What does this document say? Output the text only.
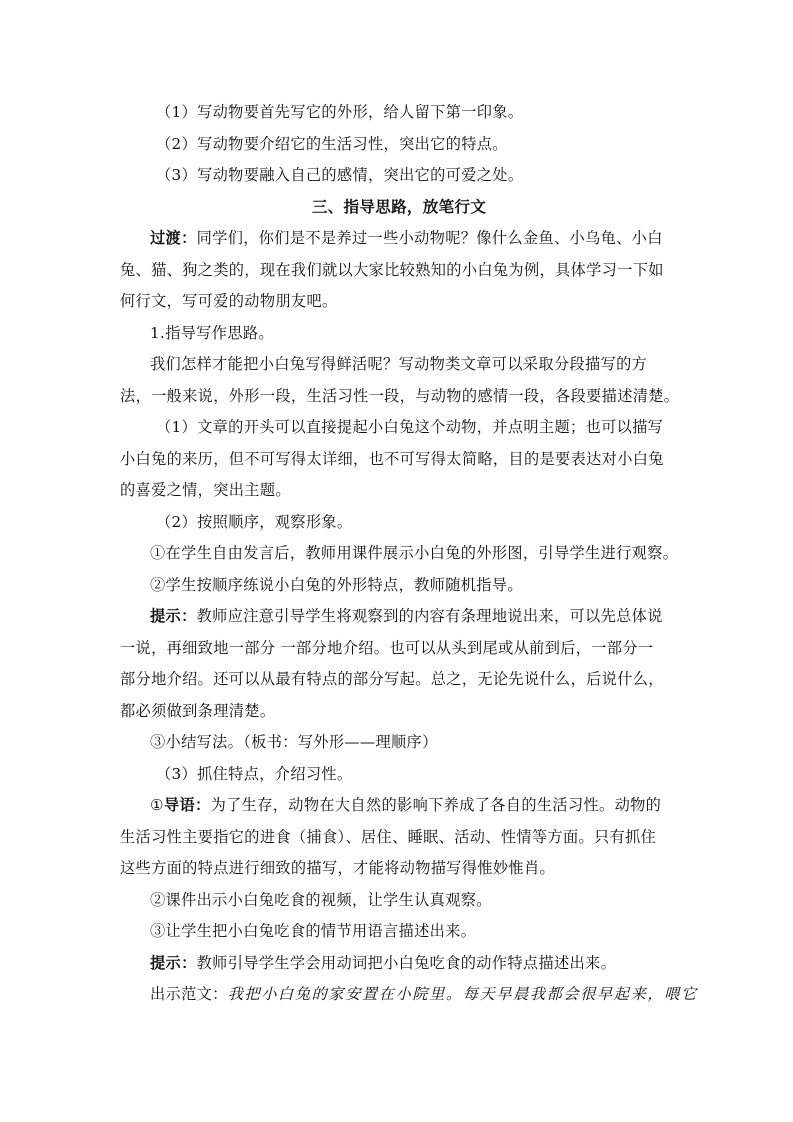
（1）写动物要首先写它的外形，给人留下第一印象。
（2）写动物要介绍它的生活习性，突出它的特点。
（3）写动物要融入自己的感情，突出它的可爱之处。
三、指导思路，放笔行文
过渡：同学们，你们是不是养过一些小动物呢？像什么金鱼、小乌龟、小白
兔、猫、狗之类的，现在我们就以大家比较熟知的小白兔为例，具体学习一下如
何行文，写可爱的动物朋友吧。
1.指导写作思路。
我们怎样才能把小白兔写得鲜活呢？写动物类文章可以采取分段描写的方
法，一般来说，外形一段，生活习性一段，与动物的感情一段，各段要描述清楚。
（1）文章的开头可以直接提起小白兔这个动物，并点明主题；也可以描写
小白兔的来历，但不可写得太详细，也不可写得太简略，目的是要表达对小白兔
的喜爱之情，突出主题。
（2）按照顺序，观察形象。
①在学生自由发言后，教师用课件展示小白兔的外形图，引导学生进行观察。
②学生按顺序练说小白兔的外形特点，教师随机指导。
提示：教师应注意引导学生将观察到的内容有条理地说出来，可以先总体说
一说，再细致地一部分 一部分地介绍。也可以从头到尾或从前到后，一部分一
部分地介绍。还可以从最有特点的部分写起。总之，无论先说什么，后说什么，
都必须做到条理清楚。
③小结写法。（板书：写外形——理顺序）
（3）抓住特点，介绍习性。
①导语：为了生存，动物在大自然的影响下养成了各自的生活习性。动物的
生活习性主要指它的进食（捕食）、居住、睡眠、活动、性情等方面。只有抓住
这些方面的特点进行细致的描写，才能将动物描写得惟妙惟肖。
②课件出示小白兔吃食的视频，让学生认真观察。
③让学生把小白兔吃食的情节用语言描述出来。
提示：教师引导学生学会用动词把小白兔吃食的动作特点描述出来。
出示范文：我把小白兔的家安置在小院里。每天早晨我都会很早起来，喂它
